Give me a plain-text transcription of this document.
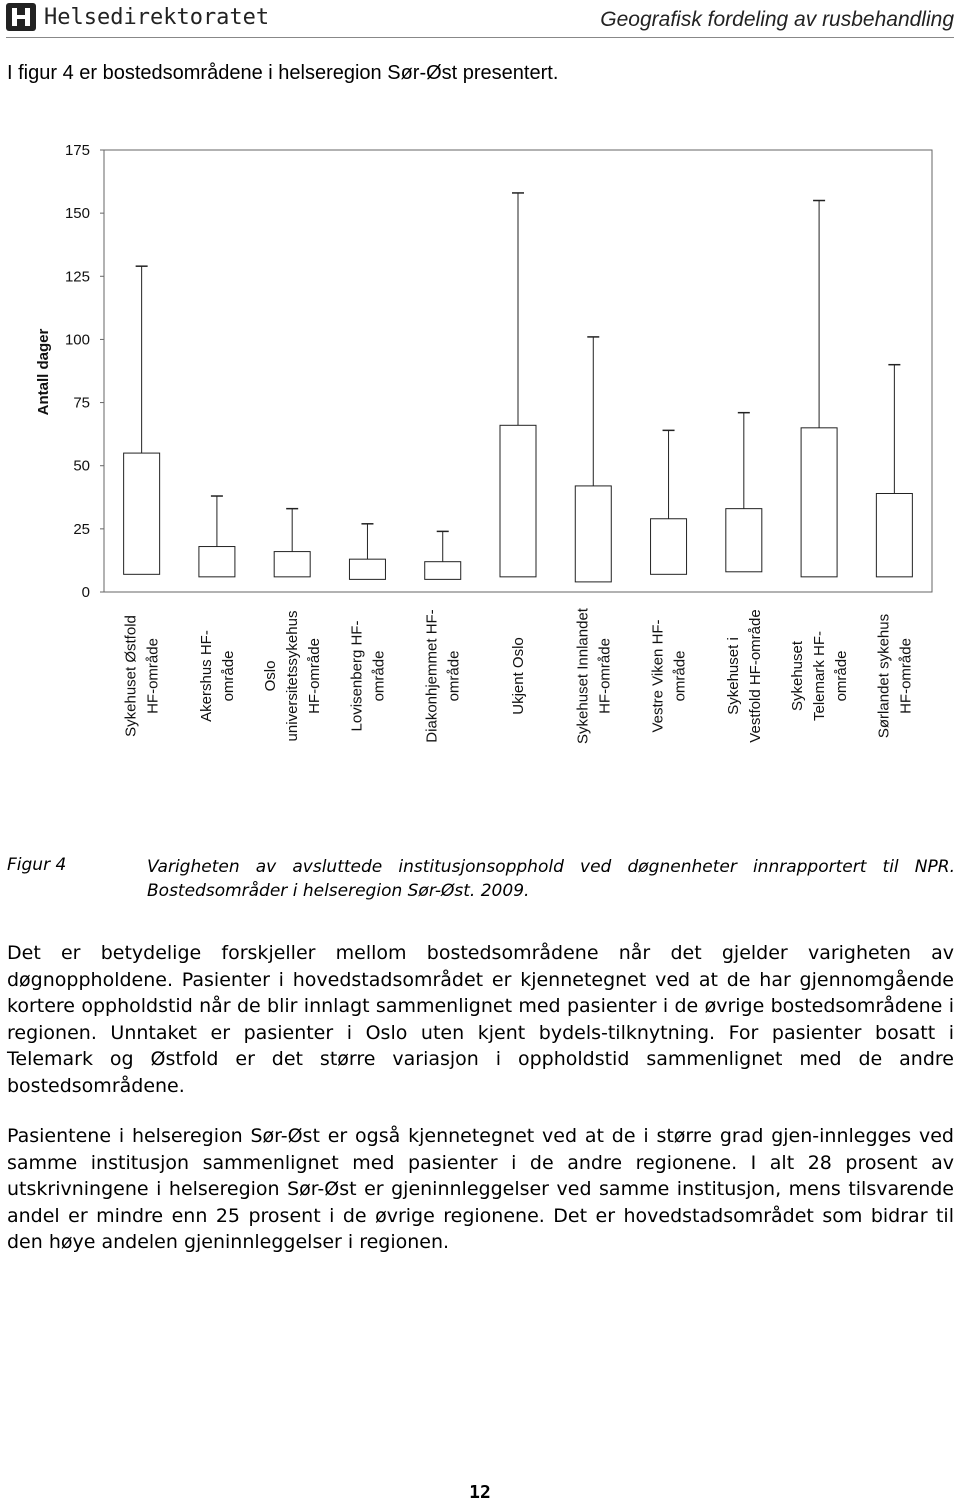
Helsedirektoratet	Geografisk fordeling av rusbehandling
I figur 4 er bostedsområdene i helseregion Sør-Øst presentert.
0
25
50
75
100
125
150
175
Sykehuset Østfold HF-område Akershus HF- område Oslo universitetssykehus HF-område Lovisenberg HF- område Diakonhjemmet HF- område	Ukjent Oslo	Sykehuset Innlandet HF-område Vestre Viken HF- område Sykehuset i Vestfold HF-område Sykehuset Telemark HF- område Sørlandet sykehus HF-område
Antall dager
Figur 4	Varigheten av avsluttede institusjonsopphold ved døgnenheter innrapportert til NPR. Bostedsområder i helseregion Sør-Øst. 2009.
Det er betydelige forskjeller mellom bostedsområdene når det gjelder varigheten av døgnoppholdene. Pasienter i hovedstadsområdet er kjennetegnet ved at de har gjennomgående kortere oppholdstid når de blir innlagt sammenlignet med pasienter i de øvrige bostedsområdene i regionen. Unntaket er pasienter i Oslo uten kjent bydels-tilknytning. For pasienter bosatt i Telemark og Østfold er det større variasjon i oppholdstid sammenlignet med de andre bostedsområdene.
Pasientene i helseregion Sør-Øst er også kjennetegnet ved at de i større grad gjen-innlegges ved samme institusjon sammenlignet med pasienter i de andre regionene. I alt 28 prosent av utskrivningene i helseregion Sør-Øst er gjeninnleggelser ved samme institusjon, mens tilsvarende andel er mindre enn 25 prosent i de øvrige regionene. Det er hovedstadsområdet som bidrar til den høye andelen gjeninnleggelser i regionen.
12
